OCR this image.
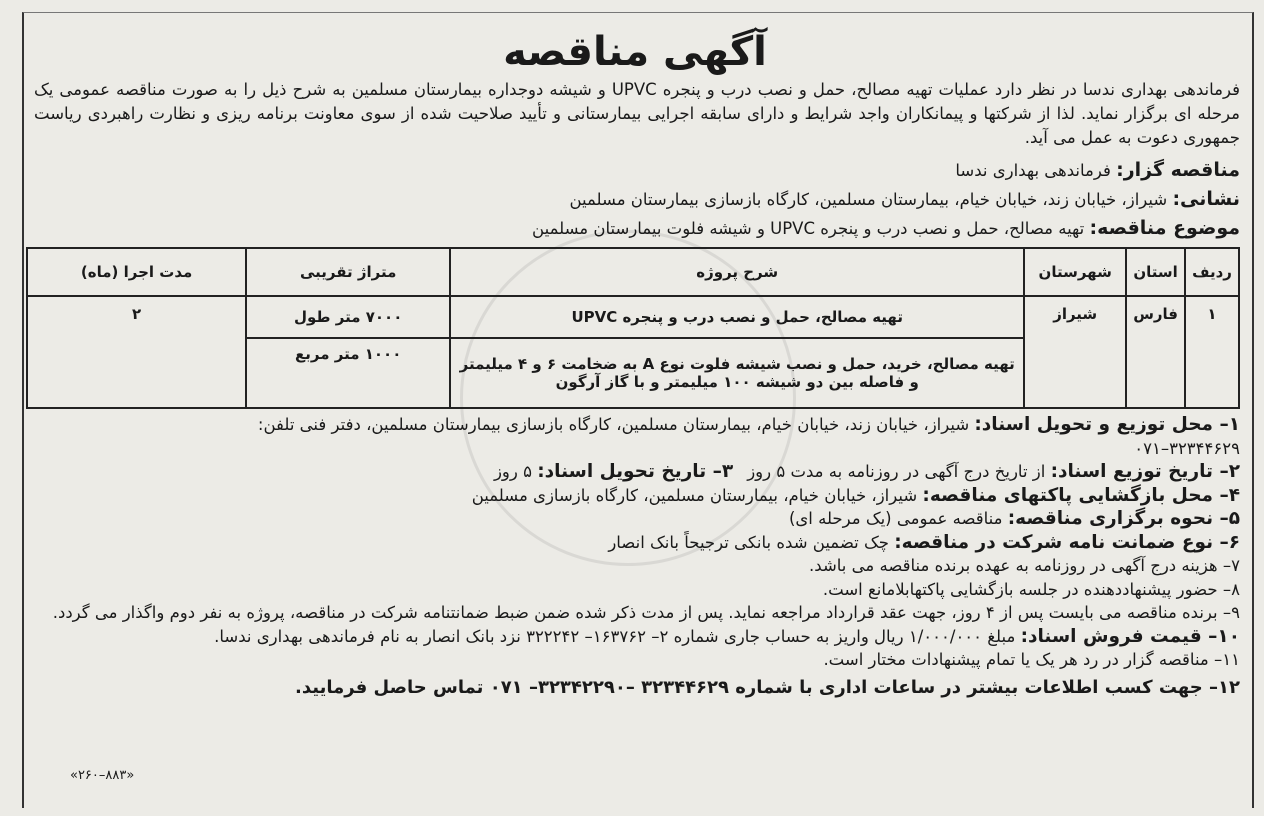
آگهی مناقصه

فرماندهی بهداری ندسا در نظر دارد عملیات تهیه مصالح، حمل و نصب درب و پنجره UPVC و شیشه دوجداره بیمارستان مسلمین به شرح ذیل را به صورت مناقصه عمومی یک مرحله ای برگزار نماید. لذا از شرکتها و پیمانکاران واجد شرایط و دارای سابقه اجرایی بیمارستانی و تأیید صلاحیت شده از سوی معاونت برنامه ریزی و نظارت راهبردی ریاست جمهوری دعوت به عمل می آید.

مناقصه گزار: فرماندهی بهداری ندسا

نشانی: شیراز، خیابان زند، خیابان خیام، بیمارستان مسلمین، کارگاه بازسازی بیمارستان مسلمین

موضوع مناقصه: تهیه مصالح، حمل و نصب درب و پنجره UPVC و شیشه فلوت بیمارستان مسلمین

ردیف	استان	شهرستان	شرح پروژه	متراژ تقریبی	مدت اجرا (ماه)
۱	فارس	شیراز	تهیه مصالح، حمل و نصب درب و پنجره UPVC	۷۰۰۰ متر طول	۲
			تهیه مصالح، خرید، حمل و نصب شیشه فلوت نوع A به ضخامت ۶ و ۴ میلیمتر و فاصله بین دو شیشه ۱۰۰ میلیمتر و با گاز آرگون	۱۰۰۰ متر مربع	
۱– محل توزیع و تحویل اسناد: شیراز، خیابان زند، خیابان خیام، بیمارستان مسلمین، کارگاه بازسازی بیمارستان مسلمین، دفتر فنی تلفن:
۰۷۱–۳۲۳۴۴۶۲۹
۲– تاریخ توزیع اسناد: از تاریخ درج آگهی در روزنامه به مدت ۵ روز
۳– تاریخ تحویل اسناد: ۵ روز
۴– محل بازگشایی پاکتهای مناقصه: شیراز، خیابان خیام، بیمارستان مسلمین، کارگاه بازسازی مسلمین
۵– نحوه برگزاری مناقصه: مناقصه عمومی (یک مرحله ای)
۶– نوع ضمانت نامه شرکت در مناقصه: چک تضمین شده بانکی ترجیحاً بانک انصار
۷– هزینه درج آگهی در روزنامه به عهده برنده مناقصه می باشد.
۸– حضور پیشنهاددهنده در جلسه بازگشایی پاکتهابلامانع است.
۹– برنده مناقصه می بایست پس از ۴ روز، جهت عقد قرارداد مراجعه نماید. پس از مدت ذکر شده ضمن ضبط ضمانتنامه شرکت در مناقصه، پروژه به نفر دوم واگذار می گردد.
۱۰– قیمت فروش اسناد: مبلغ ۱/۰۰۰/۰۰۰ ریال واریز به حساب جاری شماره ۲– ۱۶۳۷۶۲– ۳۲۲۲۴۲ نزد بانک انصار به نام فرماندهی بهداری ندسا.
۱۱– مناقصه گزار در رد هر یک یا تمام پیشنهادات مختار است.
۱۲– جهت کسب اطلاعات بیشتر در ساعات اداری با شماره ۳۲۳۴۴۶۲۹ –۳۲۳۴۲۲۹۰– ۰۷۱ تماس حاصل فرمایید.
«۲۶۰–۸۸۳»
